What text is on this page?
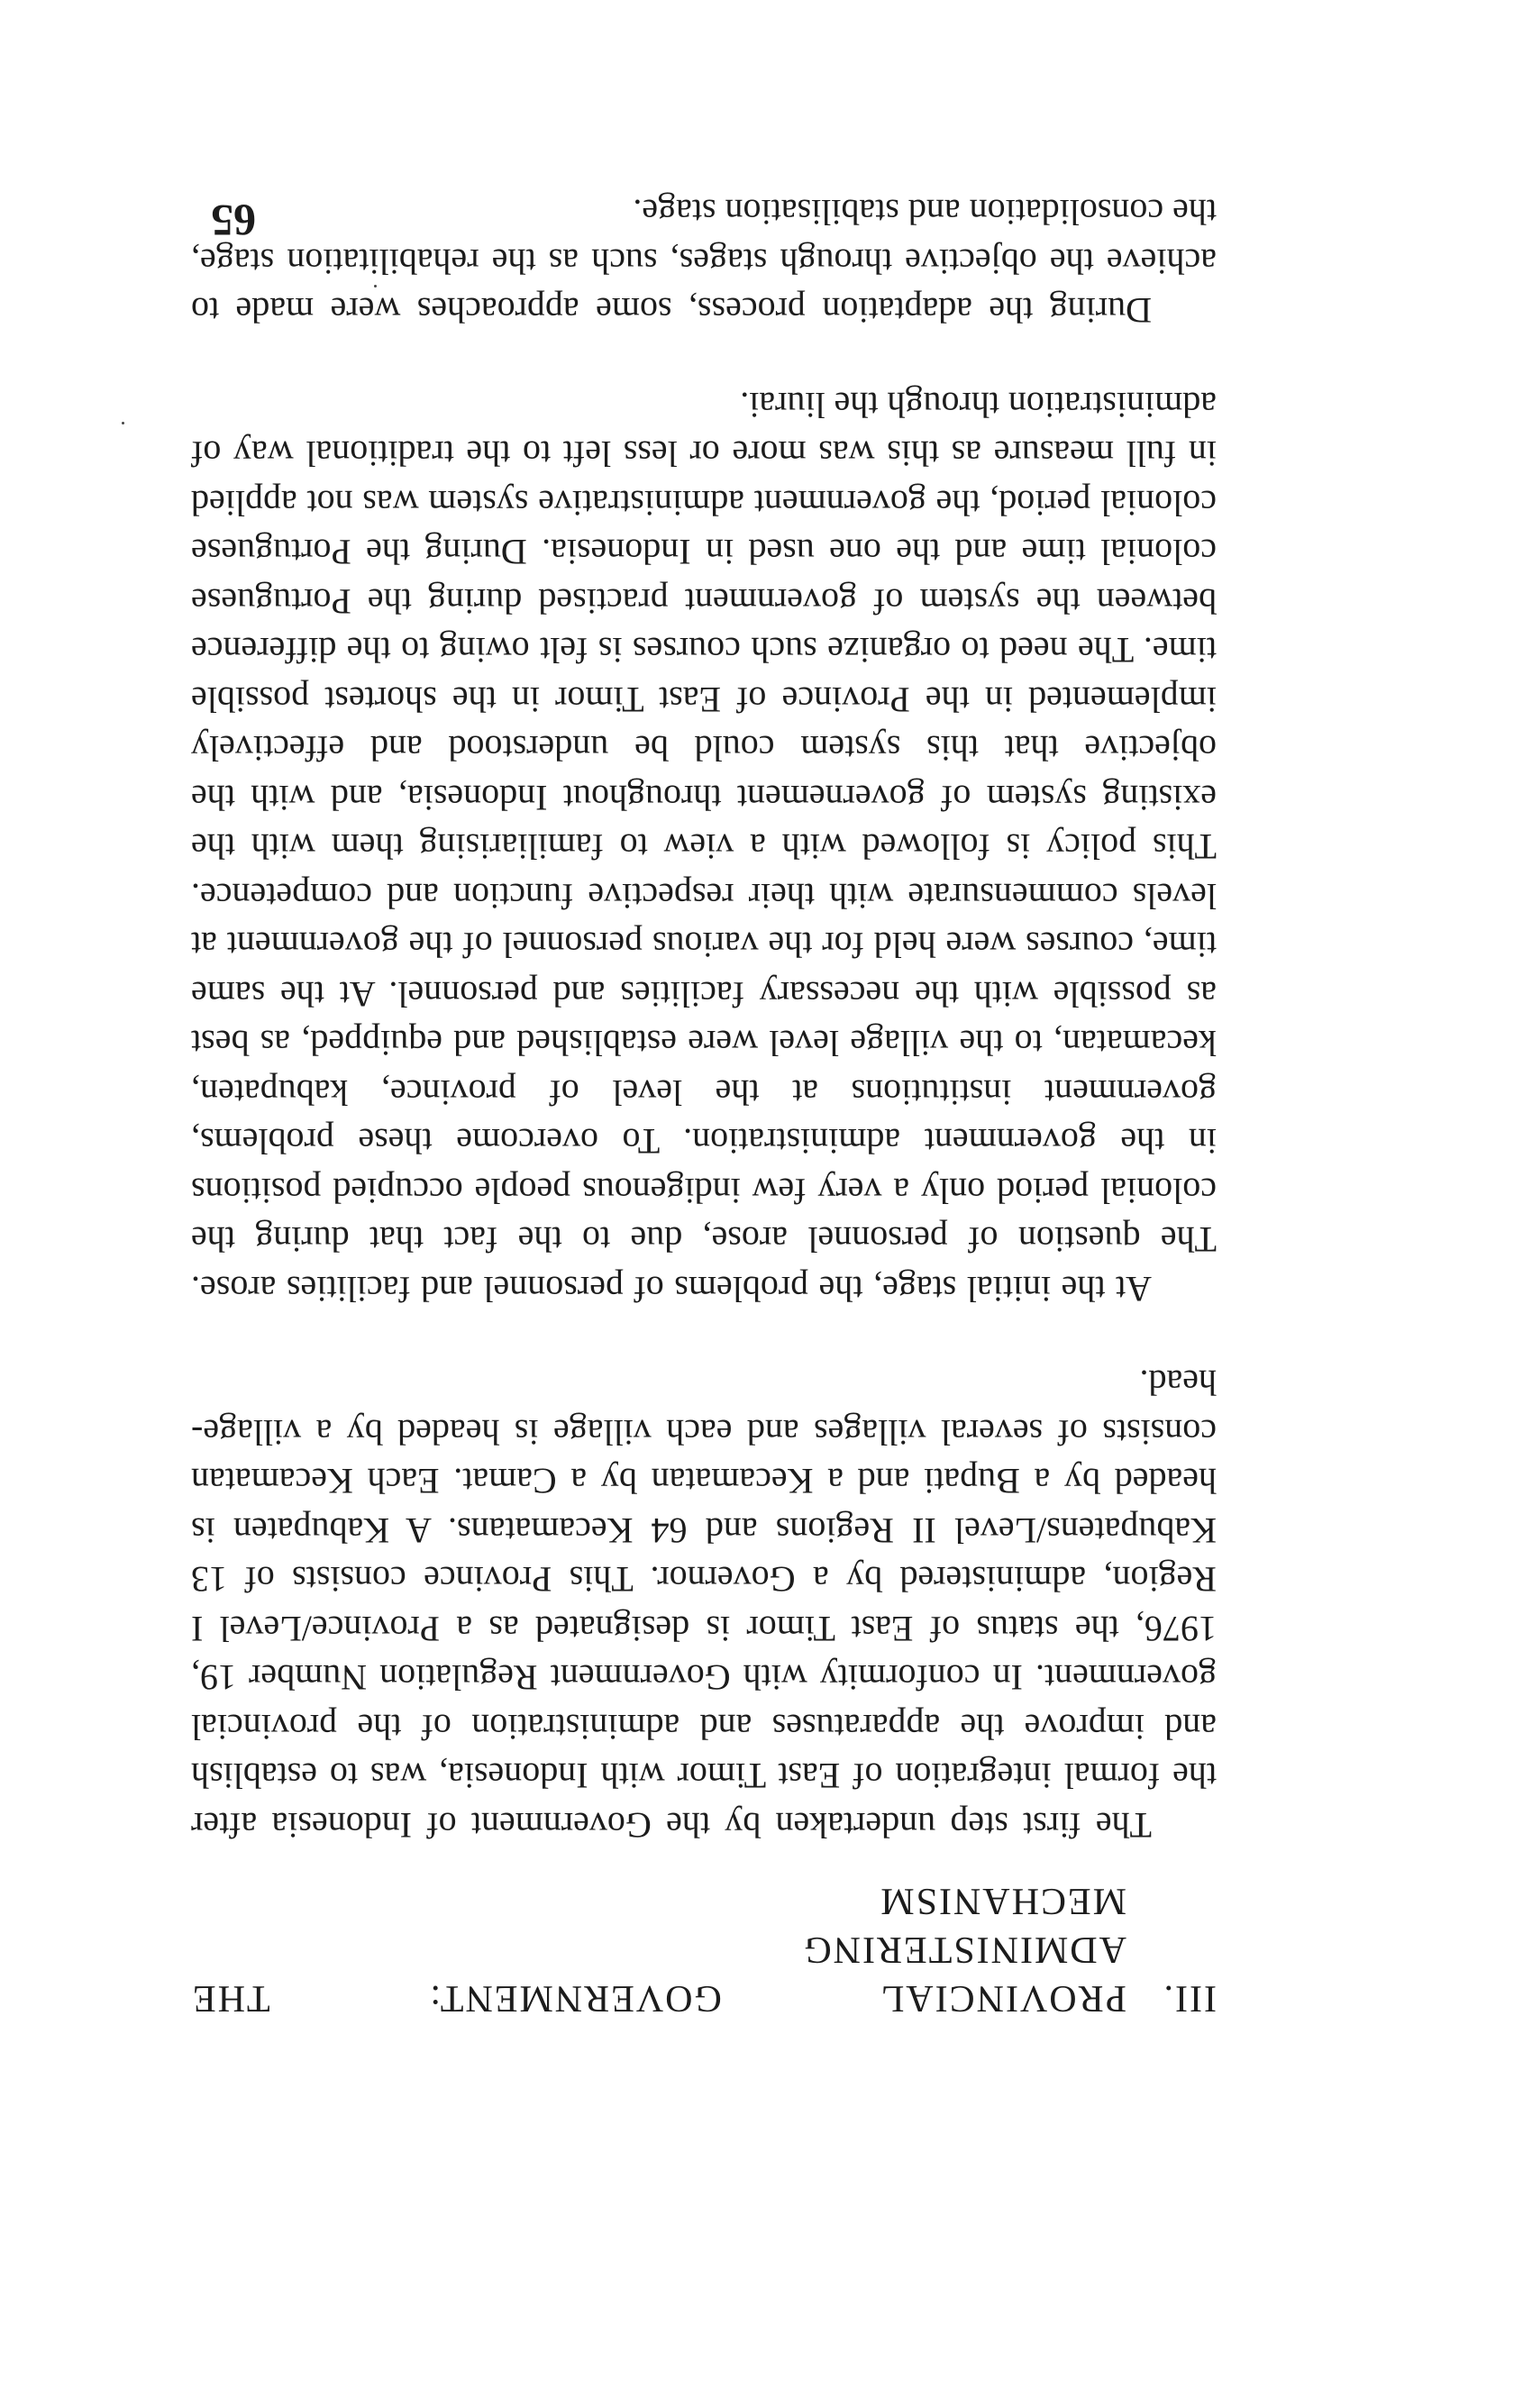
III.
PROVINCIAL GOVERNMENT: THE ADMINISTERING
MECHANISM

The first step undertaken by the Government of Indonesia after the formal integration of East Timor with Indonesia, was to establish and improve the apparatuses and administration of the provincial government. In conformity with Government Regulation Number 19, 1976, the status of East Timor is designated as a Province/Level I Region, administered by a Governor. This Province consists of 13 Kabupatens/Level II Regions and 64 Kecamatans. A Kabupaten is headed by a Bupati and a Kecamatan by a Camat. Each Kecamatan consists of several villages and each village is headed by a village-head.

At the initial stage, the problems of personnel and facilities arose. The question of personnel arose, due to the fact that during the colonial period only a very few indigenous people occupied positions in the government administration. To overcome these problems, government institutions at the level of province, kabupaten, kecamatan, to the village level were established and equipped, as best as possible with the necessary facilities and personnel. At the same time, courses were held for the various personnel of the government at levels commensurate with their respective function and competence. This policy is followed with a view to familiarising them with the existing system of governement throughout Indonesia, and with the objective that this system could be understood and effectively implemented in the Province of East Timor in the shortest possible time. The need to organize such courses is felt owing to the difference between the system of government practised during the Portuguese colonial time and the one used in Indonesia. During the Portuguese colonial period, the government administrative system was not applied in full measure as this was more or less left to the traditional way of administration through the liurai.

During the adaptation process, some approaches were made to achieve the objective through stages, such as the rehabilitation stage, the consolidation and stabilisation stage.

65
